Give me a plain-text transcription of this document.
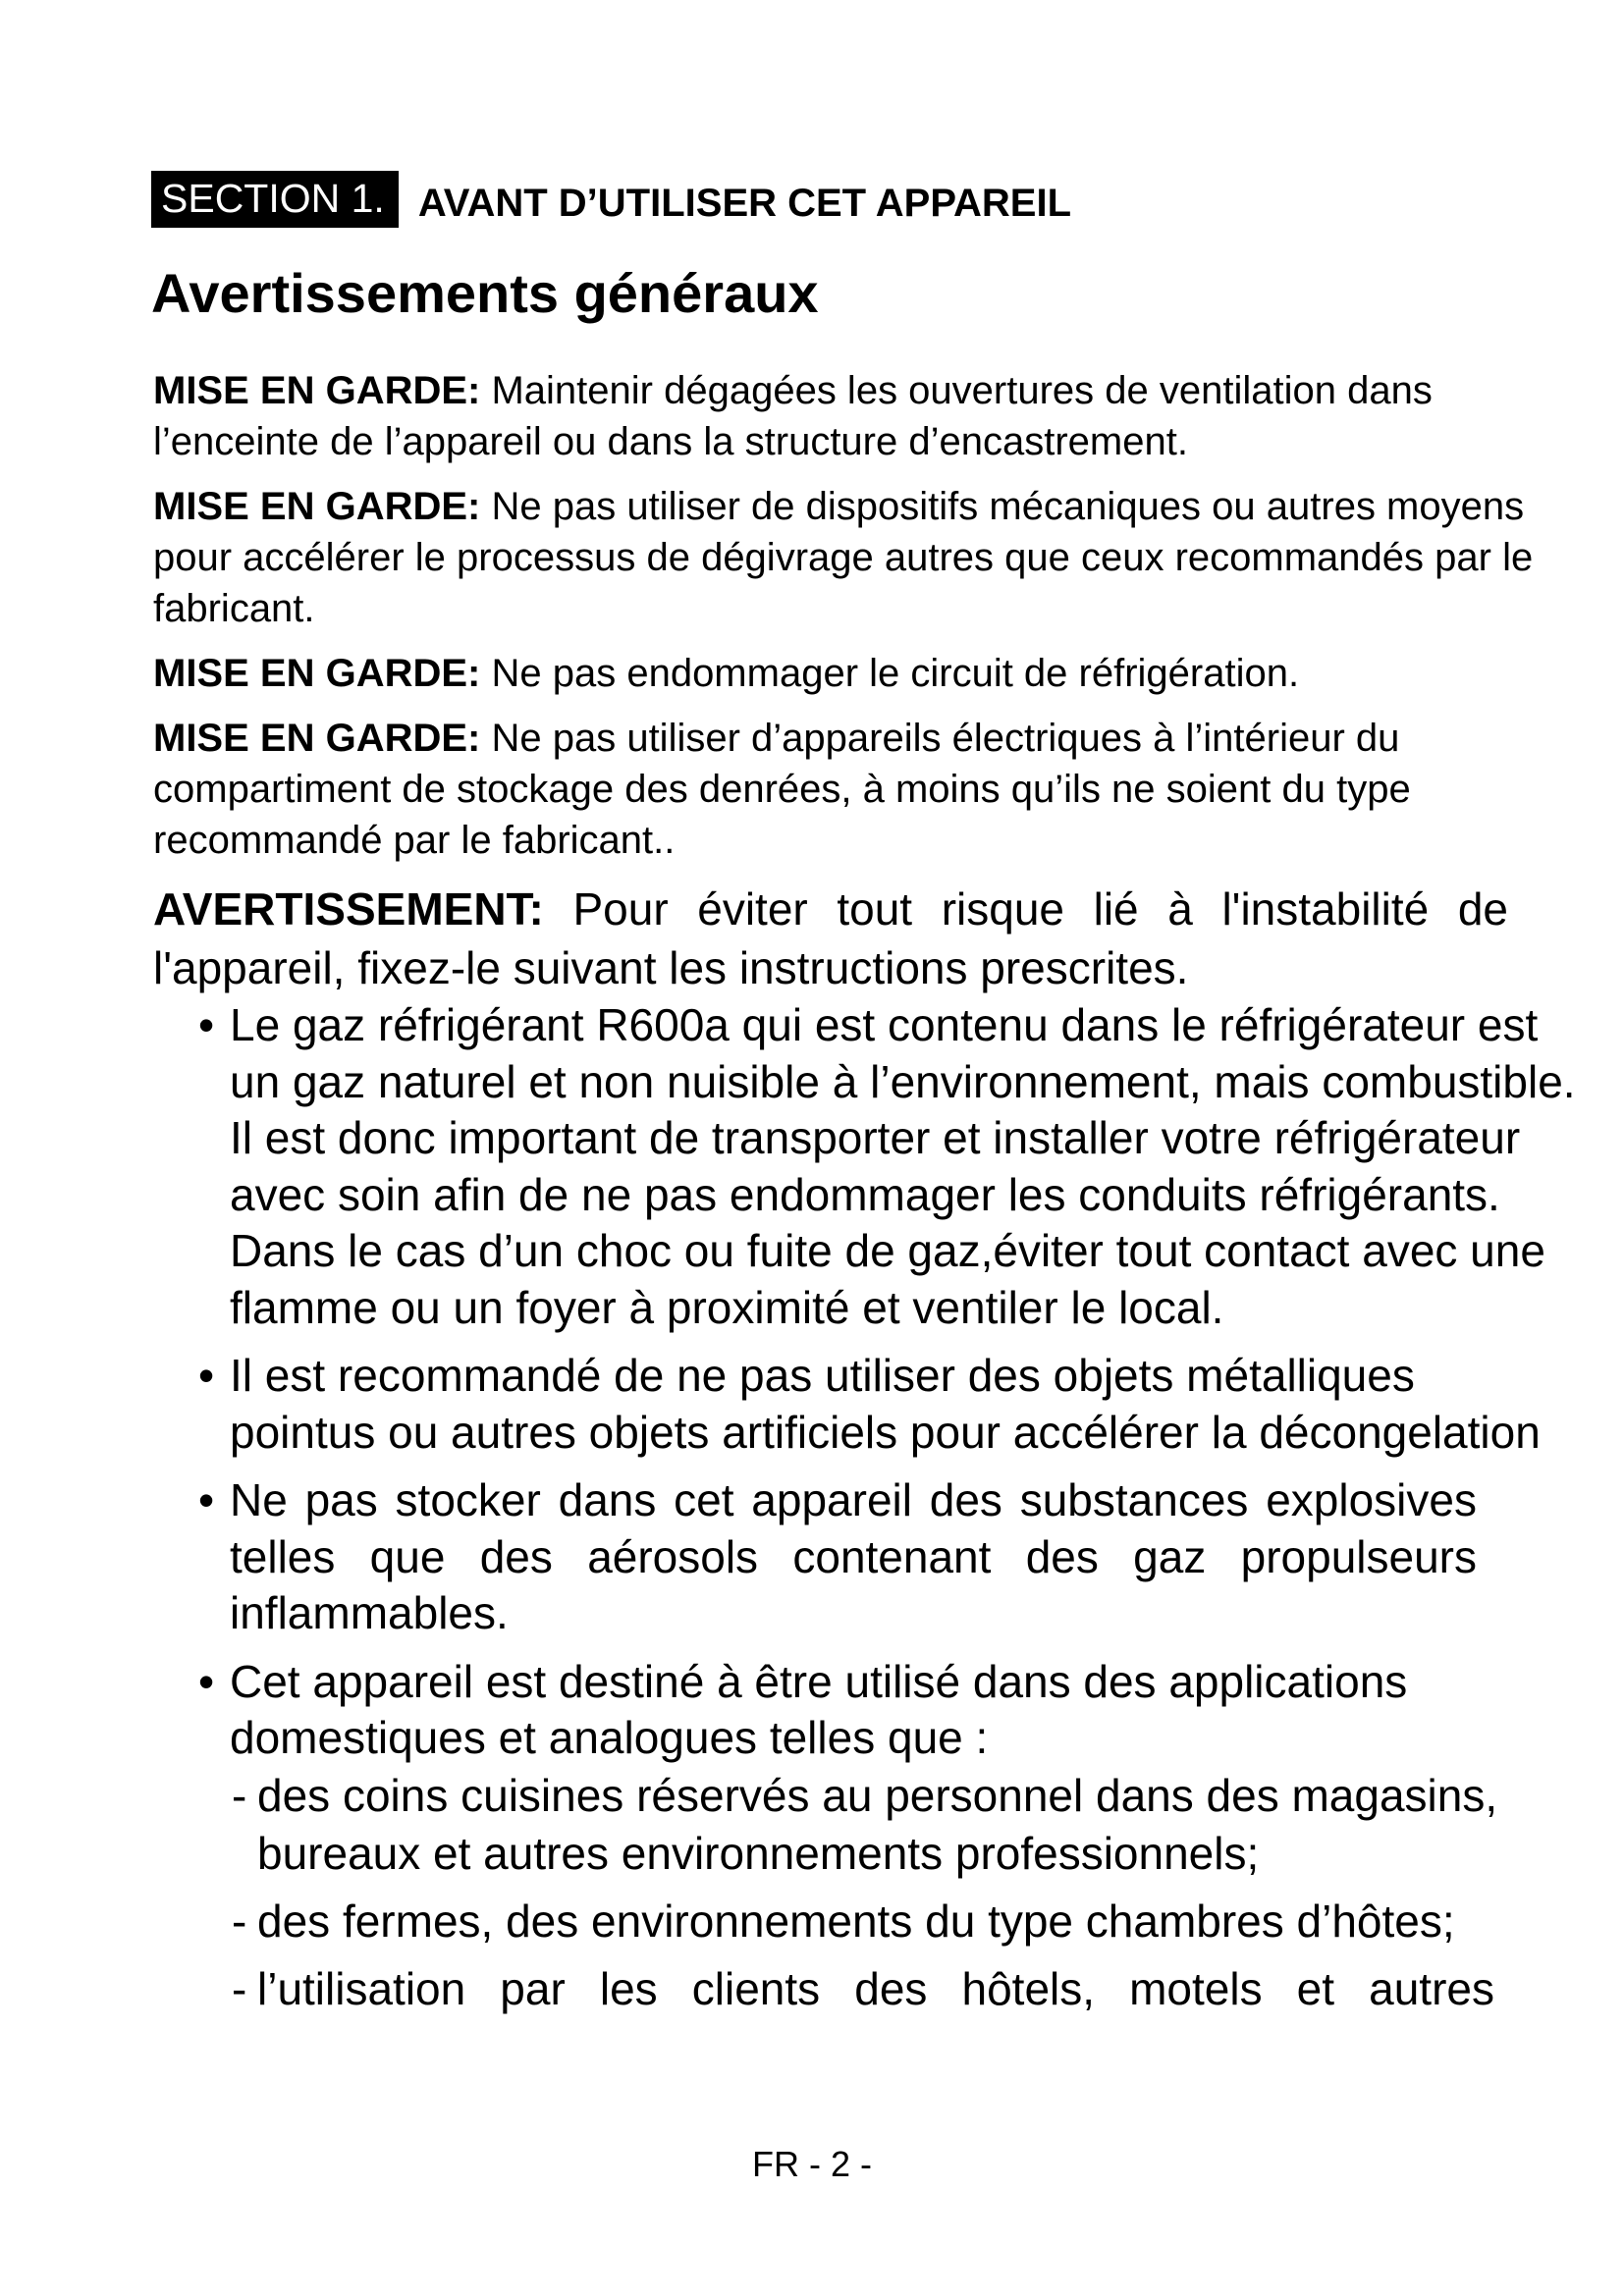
SECTION 1. AVANT D’UTILISER CET APPAREIL
Avertissements généraux

MISE EN GARDE: Maintenir dégagées les ouvertures de ventilation dans l’enceinte de l’appareil ou dans la structure d’encastrement.

MISE EN GARDE: Ne pas utiliser de dispositifs mécaniques ou autres moyens pour accélérer le processus de dégivrage autres que ceux recommandés par le fabricant.

MISE EN GARDE: Ne pas endommager le circuit de réfrigération.

MISE EN GARDE: Ne pas utiliser d’appareils électriques à l’intérieur du compartiment de stockage des denrées, à moins qu’ils ne soient du type recommandé par le fabricant..

AVERTISSEMENT: Pour éviter tout risque lié à l'instabilité de l'appareil, fixez-le suivant les instructions prescrites.

• Le gaz réfrigérant R600a qui est contenu dans le réfrigérateur est un gaz naturel et non nuisible à l’environnement, mais combustible. Il est donc important de transporter et installer votre réfrigérateur avec soin afin de ne pas endommager les conduits réfrigérants. Dans le cas d’un choc ou fuite de gaz,éviter tout contact avec une flamme ou un foyer à proximité et ventiler le local.

• Il est recommandé de ne pas utiliser des objets métalliques

pointus ou autres objets artificiels pour accélérer la décongelation

• Ne pas stocker dans cet appareil des substances explosives telles que des aérosols contenant des gaz propulseurs inflammables.

• Cet appareil est destiné à être utilisé dans des applications domestiques et analogues telles que :

- des coins cuisines réservés au personnel dans des magasins, bureaux et autres environnements professionnels;
- des fermes, des environnements du type chambres d’hôtes;
- l’utilisation par les clients des hôtels, motels et autres
FR - 2 -
